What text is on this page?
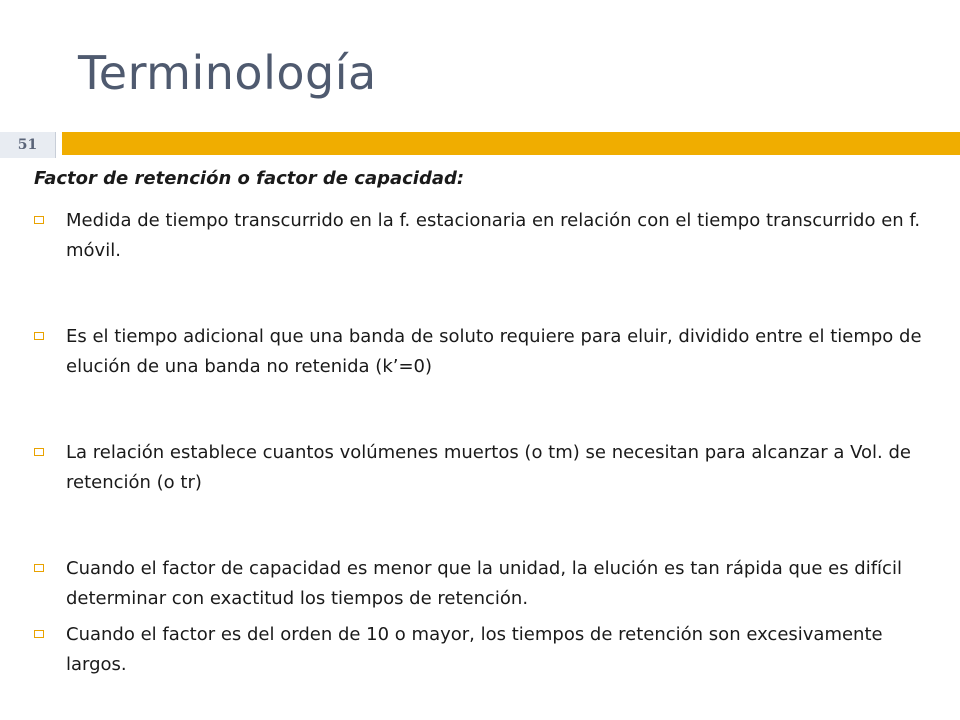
Terminología
51

Factor de retención o factor de capacidad:

Medida de tiempo transcurrido en la f. estacionaria en relación con el tiempo transcurrido en f. móvil.
Es el tiempo adicional que una banda de soluto requiere para eluir, dividido entre el tiempo de elución de una banda no retenida (k’=0)
La relación establece cuantos volúmenes muertos (o tm) se necesitan para alcanzar a Vol. de retención (o tr)
Cuando el factor de capacidad es menor que la unidad, la elución es tan rápida que es difícil determinar con exactitud los tiempos de retención.
Cuando el factor es del orden de 10 o mayor, los tiempos de retención son excesivamente largos.
